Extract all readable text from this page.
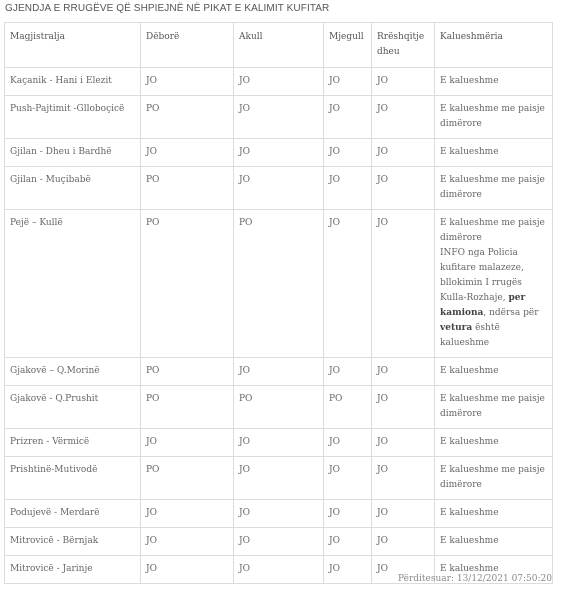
GJENDJA E RRUGËVE QË SHPIEJNË NË PIKAT E KALIMIT KUFITAR
Magjistralja	Dëborë	Akull	Mjegull	Rrëshqitje dheu	Kalueshmëria
Kaçanik - Hani i Elezit	JO	JO	JO	JO	E kalueshme
Push-Pajtimit -Glloboçicë	PO	JO	JO	JO	E kalueshme me paisje dimërore
Gjilan - Dheu i Bardhë	JO	JO	JO	JO	E kalueshme
Gjilan - Muçibabë	PO	JO	JO	JO	E kalueshme me paisje dimërore
Pejë – Kullë	PO	PO	JO	JO	E kalueshme me paisje dimërore
INFO nga Policia kufitare malazeze, bllokimin I rrugës Kulla-Rozhaje, per kamiona, ndërsa për vetura është kalueshme
Gjakovë – Q.Morinë	PO	JO	JO	JO	E kalueshme
Gjakovë - Q.Prushit	PO	PO	PO	JO	E kalueshme me paisje dimërore
Prizren - Vërmicë	JO	JO	JO	JO	E kalueshme
Prishtinë-Mutivodë	PO	JO	JO	JO	E kalueshme me paisje dimërore
Podujevë - Merdarë	JO	JO	JO	JO	E kalueshme
Mitrovicë - Bërnjak	JO	JO	JO	JO	E kalueshme
Mitrovicë - Jarinje	JO	JO	JO	JO	E kalueshme
Përditesuar: 13/12/2021 07:50:20
